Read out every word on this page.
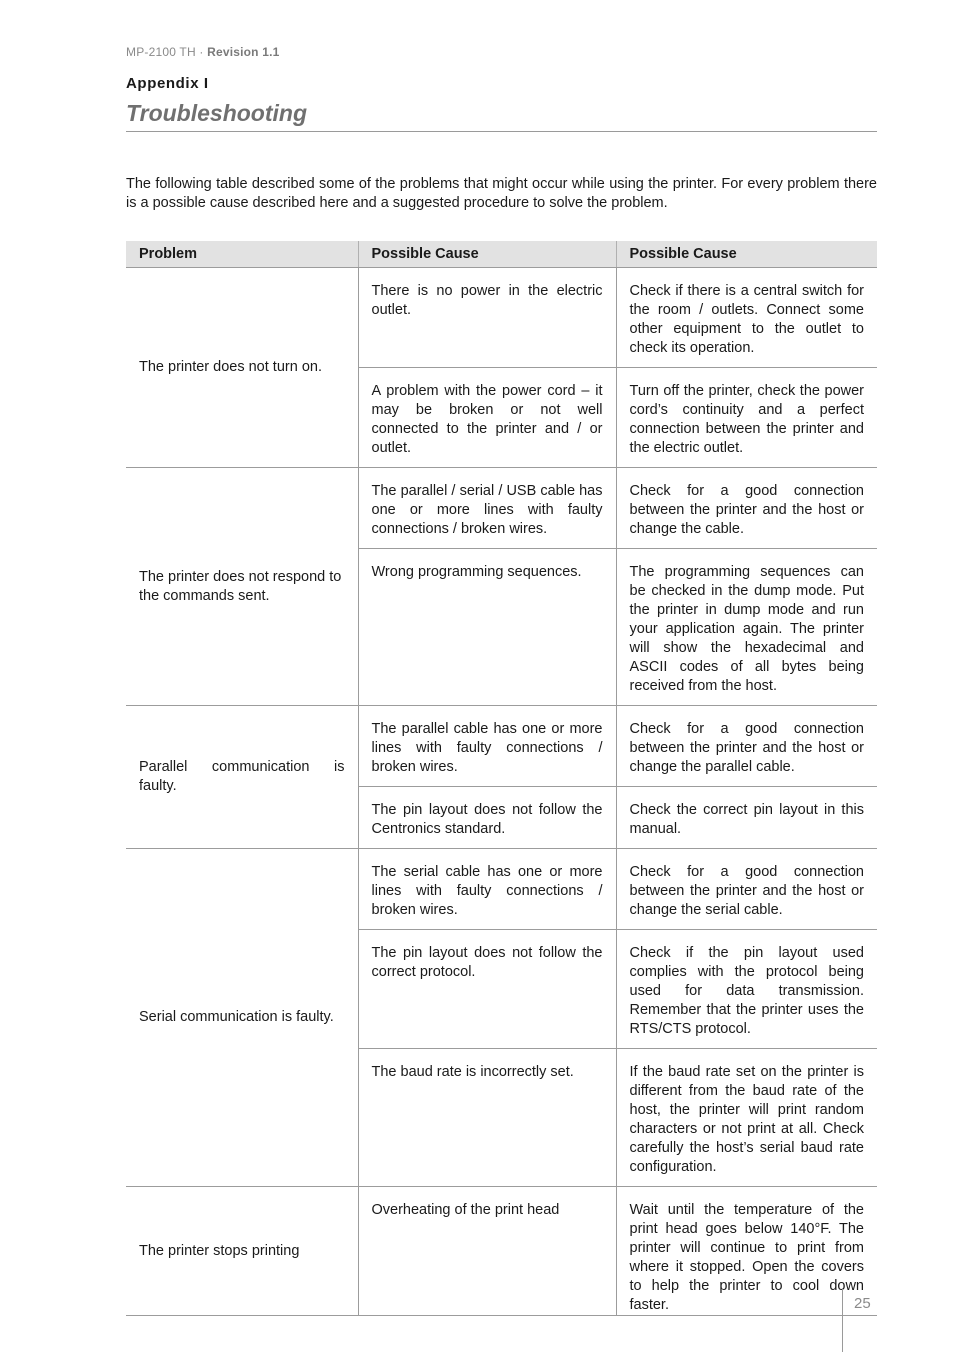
MP-2100 TH · Revision 1.1
Appendix I
Troubleshooting

The following table described some of the problems that might occur while using the printer. For every problem there is a possible cause described here and a suggested procedure to solve the problem.

Problem	Possible Cause	Possible Cause
The printer does not turn on.	There is no power in the electric outlet.	Check if there is a central switch for the room / outlets. Connect some other equipment to the outlet to check its operation.
	A problem with the power cord – it may be broken or not well connected to the printer and / or outlet.	Turn off the printer, check the power cord’s continuity and a perfect connection between the printer and the electric outlet.
The printer does not respond to the commands sent.	The parallel / serial / USB cable has one or more lines with faulty connections / broken wires.	Check for a good connection between the printer and the host or change the cable.
	Wrong programming sequences.	The programming sequences can be checked in the dump mode. Put the printer in dump mode and run your application again. The printer will show the hexadecimal and ASCII codes of all bytes being received from the host.
Parallel communication is faulty.	The parallel cable has one or more lines with faulty connections / broken wires.	Check for a good connection between the printer and the host or change the parallel cable.
	The pin layout does not follow the Centronics standard.	Check the correct pin layout in this manual.
Serial communication is faulty.	The serial cable has one or more lines with faulty connections / broken wires.	Check for a good connection between the printer and the host or change the serial cable.
	The pin layout does not follow the correct protocol.	Check if the pin layout used complies with the protocol being used for data transmission. Remember that the printer uses the RTS/CTS protocol.
	The baud rate is incorrectly set.	If the baud rate set on the printer is different from the baud rate of the host, the printer will print random characters or not print at all. Check carefully the host’s serial baud rate configuration.
The printer stops printing	Overheating of the print head	Wait until the temperature of the print head goes below 140°F. The printer will continue to print from where it stopped. Open the covers to help the printer to cool down faster.	25
